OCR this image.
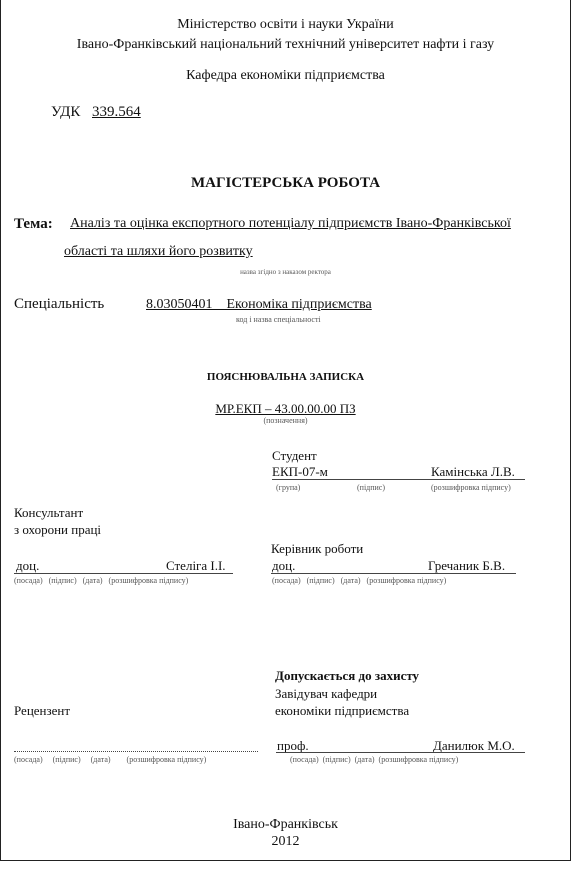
Міністерство освіти і науки України
Івано-Франківський національний технічний університет нафти і газу
Кафедра економіки підприємства
УДК 339.564
МАГІСТЕРСЬКА РОБОТА
Тема: Аналіз та оцінка експортного потенціалу підприємств Івано-Франківської
області та шляхи його розвитку
назва згідно з наказом ректора
Спеціальність	8.03050401    Економіка підприємства
код і назва спеціальності
ПОЯСНЮВАЛЬНА ЗАПИСКА
МР.ЕКП – 43.00.00.00 ПЗ
(позначення)
Студент
ЕКП-07-м	Камінська Л.В.
(група)	(підпис)	(розшифровка підпису)
Консультант
з охорони праці
доц.	Стеліга І.І.
(посада)   (підпис)   (дата)   (розшифровка підпису)
Керівник роботи
доц.	Гречаник Б.В.
(посада)   (підпис)   (дата)   (розшифровка підпису)
Допускається до захисту
Завідувач кафедри
економіки підприємства
проф.	Данилюк М.О.
(посада)  (підпис)  (дата)  (розшифровка підпису)
Рецензент
(посада)     (підпис)     (дата)        (розшифровка підпису)
Івано-Франківськ
2012
